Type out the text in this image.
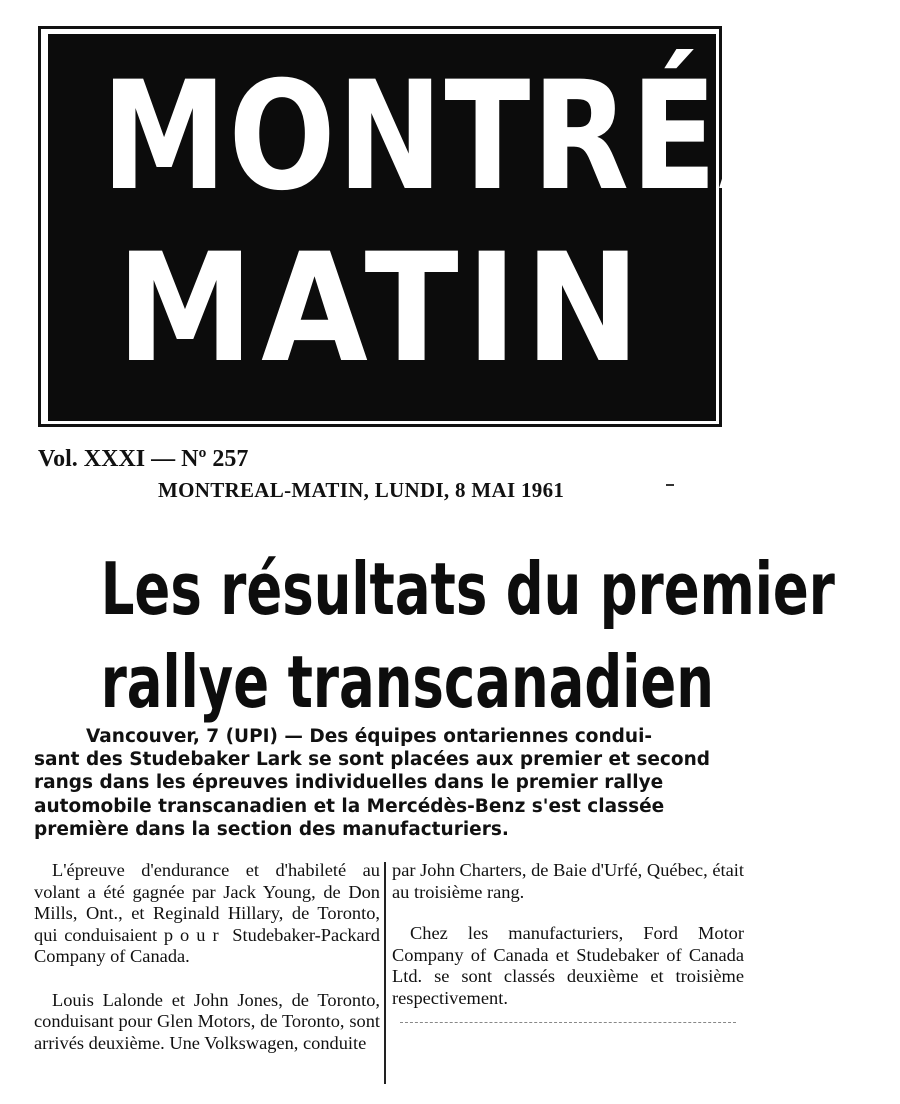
MONTRÉAL
MATIN
Vol. XXXI — Nº 257
MONTREAL-MATIN, LUNDI, 8 MAI 1961
Les résultats du premier
rallye transcanadien
Vancouver, 7 (UPI) — Des équipes ontariennes condui-
sant des Studebaker Lark se sont placées aux premier et second
rangs dans les épreuves individuelles dans le premier rallye
automobile transcanadien et la Mercédès-Benz s'est classée
première dans la section des manufacturiers.

L'épreuve d'endurance et d'habileté au volant a été gagnée par Jack Young, de Don Mills, Ont., et Reginald Hillary, de Toronto, qui conduisaient pour Studebaker-Packard Company of Canada.

Louis Lalonde et John Jones, de Toronto, conduisant pour Glen Motors, de Toronto, sont arrivés deuxième. Une Volkswagen, conduite

par John Charters, de Baie d'Urfé, Québec, était au troisième rang.

Chez les manufacturiers, Ford Motor Company of Canada et Studebaker of Canada Ltd. se sont classés deuxième et troisième respectivement.
